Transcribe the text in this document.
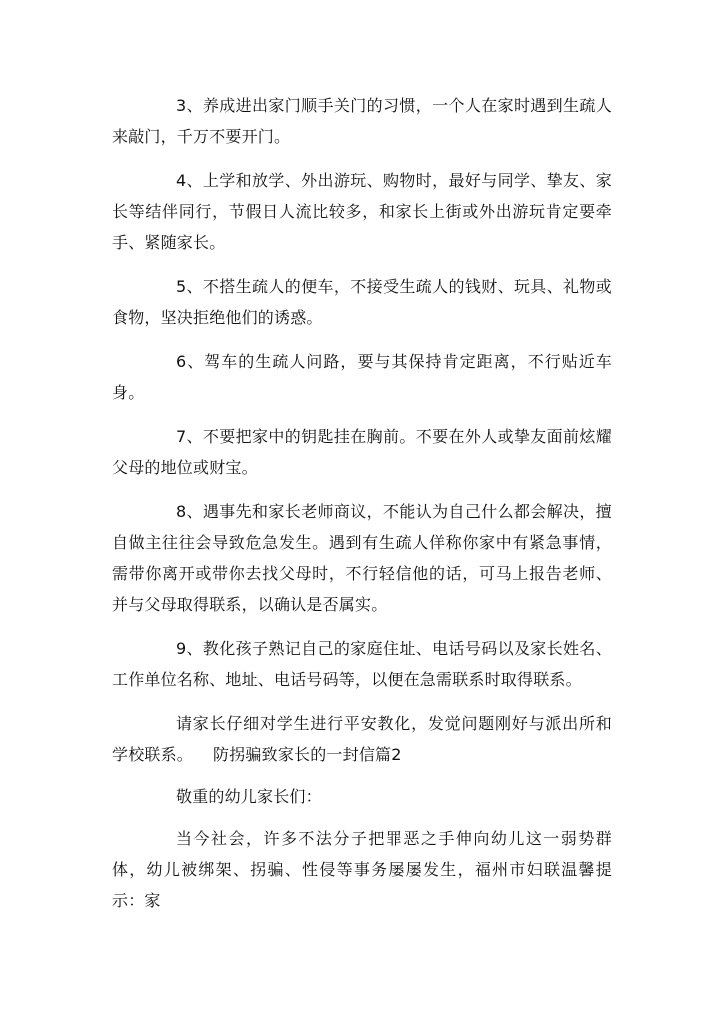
3、养成进出家门顺手关门的习惯，一个人在家时遇到生疏人来敲门，千万不要开门。

4、上学和放学、外出游玩、购物时，最好与同学、挚友、家长等结伴同行，节假日人流比较多，和家长上街或外出游玩肯定要牵手、紧随家长。

5、不搭生疏人的便车，不接受生疏人的钱财、玩具、礼物或食物，坚决拒绝他们的诱惑。

6、驾车的生疏人问路，要与其保持肯定距离，不行贴近车身。

7、不要把家中的钥匙挂在胸前。不要在外人或挚友面前炫耀父母的地位或财宝。

8、遇事先和家长老师商议，不能认为自己什么都会解决，擅自做主往往会导致危急发生。遇到有生疏人佯称你家中有紧急事情，需带你离开或带你去找父母时，不行轻信他的话，可马上报告老师、并与父母取得联系，以确认是否属实。

9、教化孩子熟记自己的家庭住址、电话号码以及家长姓名、工作单位名称、地址、电话号码等，以便在急需联系时取得联系。

请家长仔细对学生进行平安教化，发觉问题刚好与派出所和学校联系。 防拐骗致家长的一封信篇2

敬重的幼儿家长们：

当今社会，许多不法分子把罪恶之手伸向幼儿这一弱势群体，幼儿被绑架、拐骗、性侵等事务屡屡发生，福州市妇联温馨提示：家
